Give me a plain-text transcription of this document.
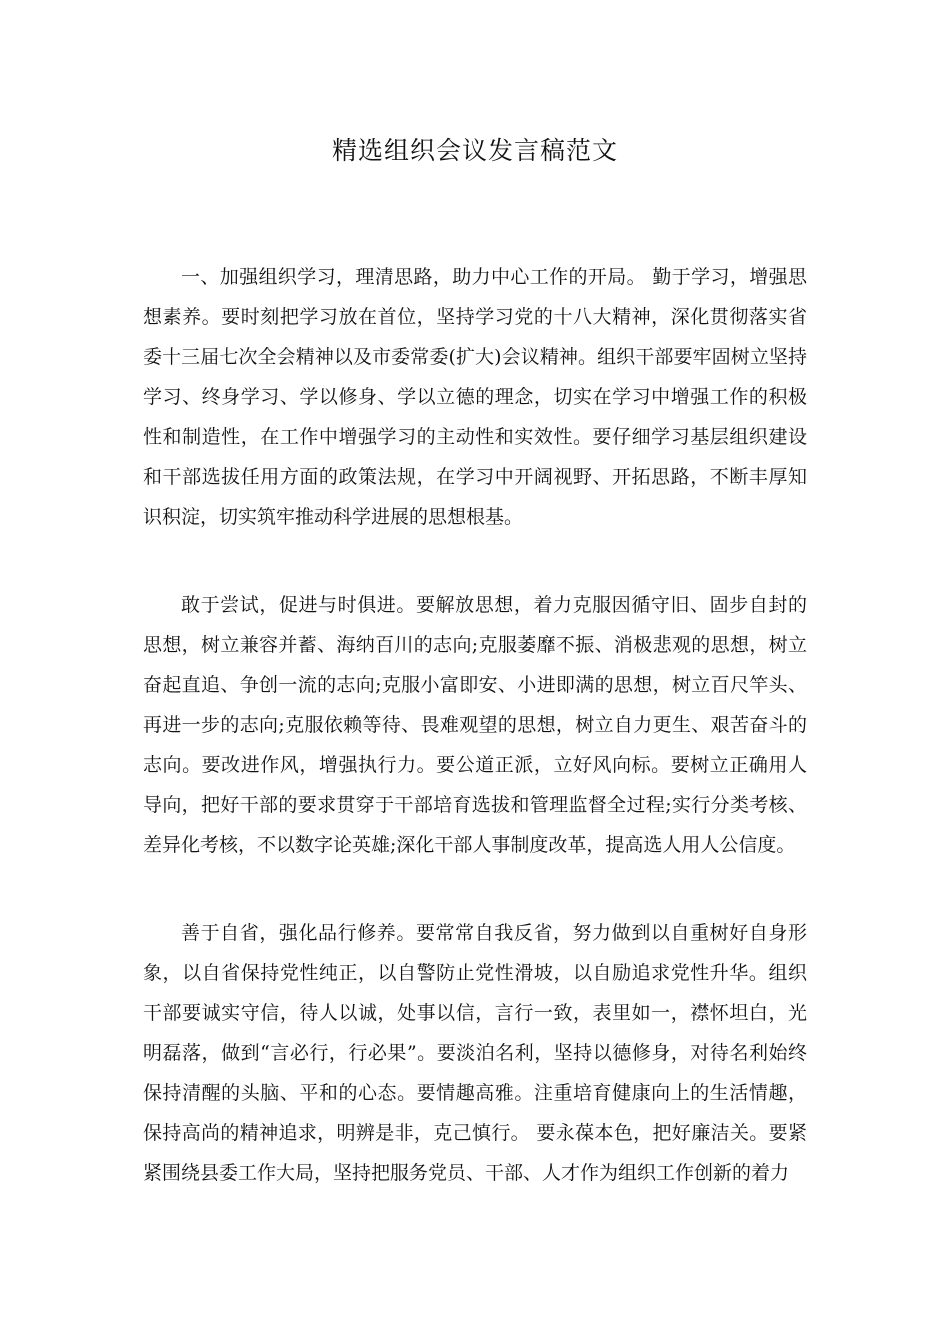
精选组织会议发言稿范文

一、加强组织学习，理清思路，助力中心工作的开局。 勤于学习，增强思想素养。要时刻把学习放在首位，坚持学习党的十八大精神，深化贯彻落实省委十三届七次全会精神以及市委常委(扩大)会议精神。组织干部要牢固树立坚持学习、终身学习、学以修身、学以立德的理念，切实在学习中增强工作的积极性和制造性，在工作中增强学习的主动性和实效性。要仔细学习基层组织建设和干部选拔任用方面的政策法规，在学习中开阔视野、开拓思路，不断丰厚知识积淀，切实筑牢推动科学进展的思想根基。

敢于尝试，促进与时俱进。要解放思想，着力克服因循守旧、固步自封的思想，树立兼容并蓄、海纳百川的志向;克服萎靡不振、消极悲观的思想，树立奋起直追、争创一流的志向;克服小富即安、小进即满的思想，树立百尺竿头、再进一步的志向;克服依赖等待、畏难观望的思想，树立自力更生、艰苦奋斗的志向。要改进作风，增强执行力。要公道正派，立好风向标。要树立正确用人导向，把好干部的要求贯穿于干部培育选拔和管理监督全过程;实行分类考核、差异化考核，不以数字论英雄;深化干部人事制度改革，提高选人用人公信度。

善于自省，强化品行修养。要常常自我反省，努力做到以自重树好自身形象，以自省保持党性纯正，以自警防止党性滑坡，以自励追求党性升华。组织干部要诚实守信，待人以诚，处事以信，言行一致，表里如一，襟怀坦白，光明磊落，做到“言必行，行必果”。要淡泊名利，坚持以德修身，对待名利始终保持清醒的头脑、平和的心态。要情趣高雅。注重培育健康向上的生活情趣，保持高尚的精神追求，明辨是非，克己慎行。 要永葆本色，把好廉洁关。要紧紧围绕县委工作大局，坚持把服务党员、干部、人才作为组织工作创新的着力
